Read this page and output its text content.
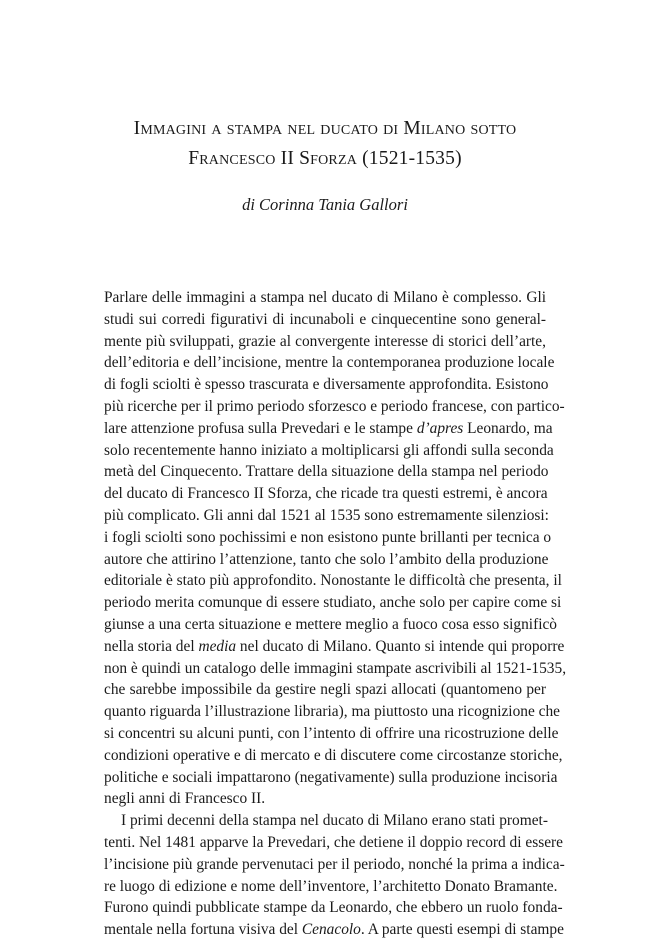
Immagini a stampa nel ducato di Milano sotto
Francesco II Sforza (1521-1535)

di Corinna Tania Gallori

Parlare delle immagini a stampa nel ducato di Milano è complesso. Gli
studi sui corredi figurativi di incunaboli e cinquecentine sono general-
mente più sviluppati, grazie al convergente interesse di storici dell’arte,
dell’editoria e dell’incisione, mentre la contemporanea produzione locale
di fogli sciolti è spesso trascurata e diversamente approfondita. Esistono
più ricerche per il primo periodo sforzesco e periodo francese, con partico-
lare attenzione profusa sulla Prevedari e le stampe d’apres Leonardo, ma
solo recentemente hanno iniziato a moltiplicarsi gli affondi sulla seconda
metà del Cinquecento. Trattare della situazione della stampa nel periodo
del ducato di Francesco II Sforza, che ricade tra questi estremi, è ancora
più complicato. Gli anni dal 1521 al 1535 sono estremamente silenziosi:
i fogli sciolti sono pochissimi e non esistono punte brillanti per tecnica o
autore che attirino l’attenzione, tanto che solo l’ambito della produzione
editoriale è stato più approfondito. Nonostante le difficoltà che presenta, il
periodo merita comunque di essere studiato, anche solo per capire come si
giunse a una certa situazione e mettere meglio a fuoco cosa esso significò
nella storia del media nel ducato di Milano. Quanto si intende qui proporre
non è quindi un catalogo delle immagini stampate ascrivibili al 1521-1535,
che sarebbe impossibile da gestire negli spazi allocati (quantomeno per
quanto riguarda l’illustrazione libraria), ma piuttosto una ricognizione che
si concentri su alcuni punti, con l’intento di offrire una ricostruzione delle
condizioni operative e di mercato e di discutere come circostanze storiche,
politiche e sociali impattarono (negativamente) sulla produzione incisoria
negli anni di Francesco II.
I primi decenni della stampa nel ducato di Milano erano stati promet-
tenti. Nel 1481 apparve la Prevedari, che detiene il doppio record di essere
l’incisione più grande pervenutaci per il periodo, nonché la prima a indica-
re luogo di edizione e nome dell’inventore, l’architetto Donato Bramante.
Furono quindi pubblicate stampe da Leonardo, che ebbero un ruolo fonda-
mentale nella fortuna visiva del Cenacolo. A parte questi esempi di stampe
